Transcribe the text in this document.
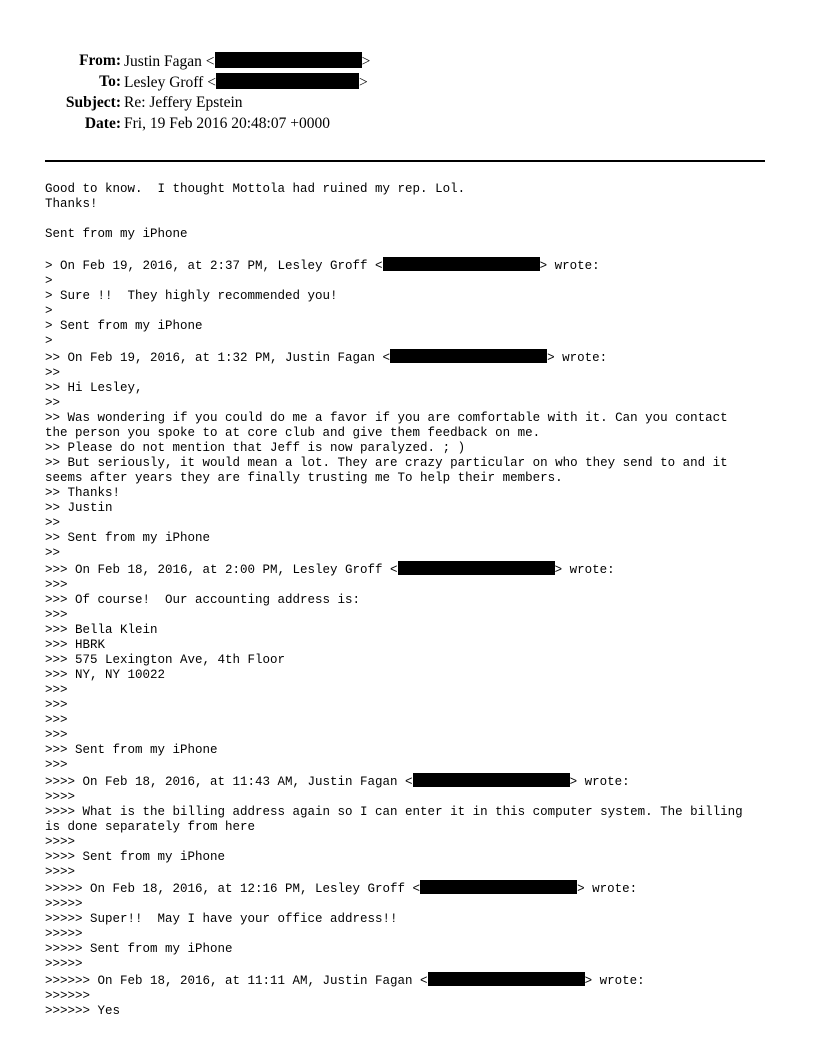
From: Justin Fagan <	>
To: Lesley Groff <	>
Subject: Re: Jeffery Epstein
Date: Fri, 19 Feb 2016 20:48:07 +0000
Good to know.  I thought Mottola had ruined my rep. Lol.
Thanks!
Sent from my iPhone
> On Feb 19, 2016, at 2:37 PM, Lesley Groff <	> wrote:
>
> Sure !!  They highly recommended you!
>
> Sent from my iPhone
>
>> On Feb 19, 2016, at 1:32 PM, Justin Fagan <	> wrote:
>>
>> Hi Lesley,
>>
>> Was wondering if you could do me a favor if you are comfortable with it. Can you contact
the person you spoke to at core club and give them feedback on me.
>> Please do not mention that Jeff is now paralyzed. ; )
>> But seriously, it would mean a lot. They are crazy particular on who they send to and it
seems after years they are finally trusting me To help their members.
>> Thanks!
>> Justin
>>
>> Sent from my iPhone
>>
>>> On Feb 18, 2016, at 2:00 PM, Lesley Groff <	> wrote:
>>>
>>> Of course!  Our accounting address is:
>>>
>>> Bella Klein
>>> HBRK
>>> 575 Lexington Ave, 4th Floor
>>> NY, NY 10022
>>>
>>>
>>>
>>>
>>> Sent from my iPhone
>>>
>>>> On Feb 18, 2016, at 11:43 AM, Justin Fagan <	> wrote:
>>>>
>>>> What is the billing address again so I can enter it in this computer system. The billing
is done separately from here
>>>>
>>>> Sent from my iPhone
>>>>
>>>>> On Feb 18, 2016, at 12:16 PM, Lesley Groff <	> wrote:
>>>>>
>>>>> Super!!  May I have your office address!!
>>>>>
>>>>> Sent from my iPhone
>>>>>
>>>>>> On Feb 18, 2016, at 11:11 AM, Justin Fagan <	> wrote:
>>>>>>
>>>>>> Yes
